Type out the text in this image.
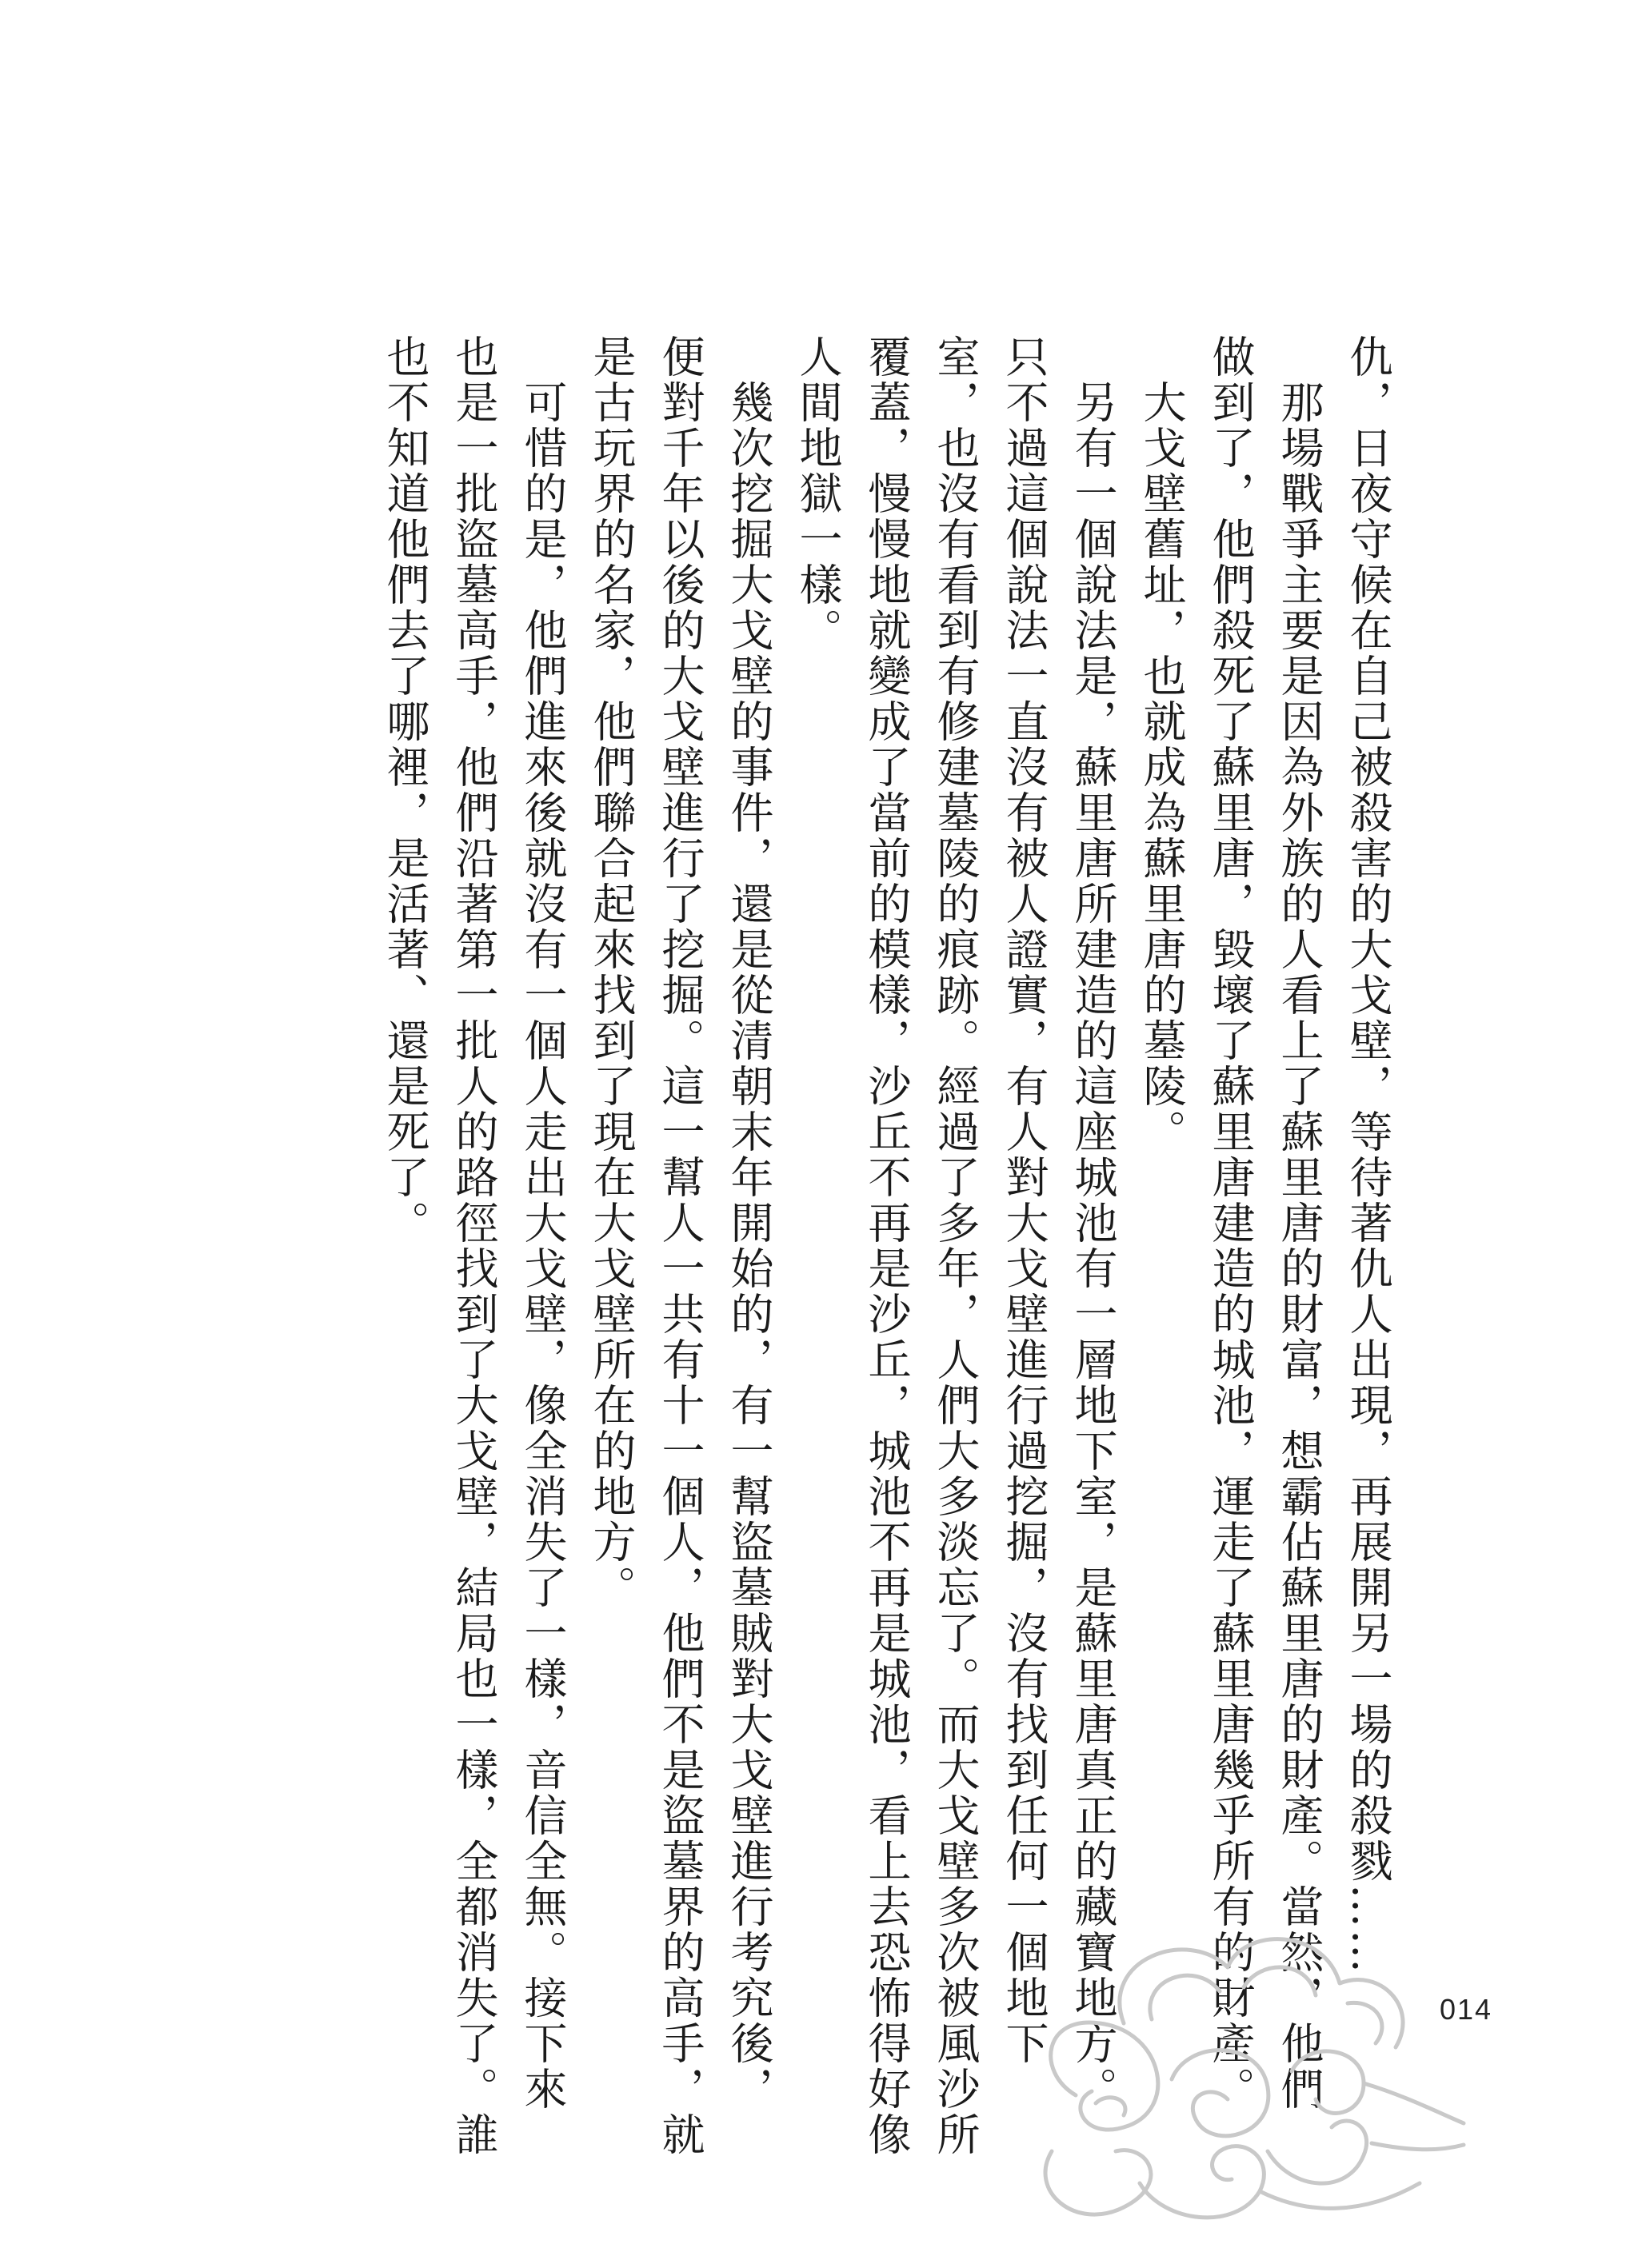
仇，日夜守候在自己被殺害的大戈壁，等待著仇人出現，再展開另一場的殺戮……
　那場戰爭主要是因為外族的人看上了蘇里唐的財富，想霸佔蘇里唐的財產。當然，他們
做到了，他們殺死了蘇里唐，毀壞了蘇里唐建造的城池，運走了蘇里唐幾乎所有的財產。
　大戈壁舊址，也就成為蘇里唐的墓陵。
　另有一個說法是，蘇里唐所建造的這座城池有一層地下室，是蘇里唐真正的藏寶地方。
只不過這個說法一直沒有被人證實，有人對大戈壁進行過挖掘，沒有找到任何一個地下
室，也沒有看到有修建墓陵的痕跡。經過了多年，人們大多淡忘了。而大戈壁多次被風沙所
覆蓋，慢慢地就變成了當前的模樣，沙丘不再是沙丘，城池不再是城池，看上去恐怖得好像
人間地獄一樣。
　幾次挖掘大戈壁的事件，還是從清朝末年開始的，有一幫盜墓賊對大戈壁進行考究後，
便對千年以後的大戈壁進行了挖掘。這一幫人一共有十一個人，他們不是盜墓界的高手，就
是古玩界的名家，他們聯合起來找到了現在大戈壁所在的地方。
　可惜的是，他們進來後就沒有一個人走出大戈壁，像全消失了一樣，音信全無。接下來
也是一批盜墓高手，他們沿著第一批人的路徑找到了大戈壁，結局也一樣，全都消失了。誰
也不知道他們去了哪裡，是活著、還是死了。
014
